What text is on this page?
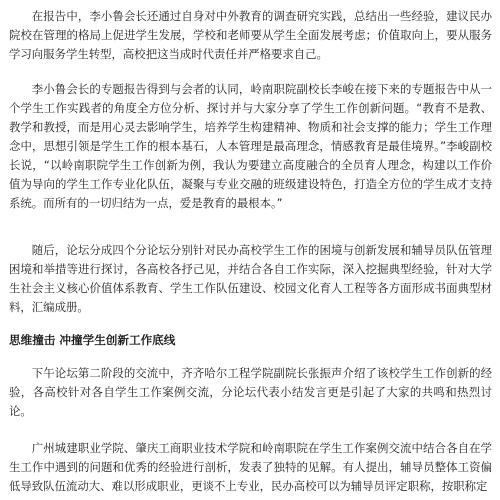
在报告中，李小鲁会长还通过自身对中外教育的调查研究实践，总结出一些经验，建议民办院校在管理的格局上促进学生发展，学校和老师要从学生全面发展考虑；价值取向上，要从服务学习向服务学生转型，高校把这当成时代责任并严格要求自己。

李小鲁会长的专题报告得到与会者的认同，岭南职院副校长李峻在接下来的专题报告中从一个学生工作实践者的角度全方位分析、探讨并与大家分享了学生工作创新问题。“教育不是教、教学和教授，而是用心灵去影响学生，培养学生构建精神、物质和社会支撑的能力；学生工作理念中，思想引领是学生工作的根本基石，人本管理是最高理念，情感教育是最佳境界。”李峻副校长说，“以岭南职院学生工作创新为例，我认为要建立高度融合的全员育人理念，构建以工作价值为导向的学生工作专业化队伍，凝聚与专业交融的班级建设特色，打造全方位的学生成才支持系统。而所有的一切归结为一点，爱是教育的最根本。”

随后，论坛分成四个分论坛分别针对民办高校学生工作的困境与创新发展和辅导员队伍管理困境和举措等进行探讨，各高校各抒己见，并结合各自工作实际，深入挖掘典型经验，针对大学生社会主义核心价值体系教育、学生工作队伍建设、校园文化育人工程等各方面形成书面典型材料，汇编成册。

思维撞击 冲撞学生创新工作底线

下午论坛第二阶段的交流中，齐齐哈尔工程学院副院长张振声介绍了该校学生工作创新的经验，各高校针对各自学生工作案例交流，分论坛代表小结发言更是引起了大家的共鸣和热烈讨论。

广州城建职业学院、肇庆工商职业技术学院和岭南职院在学生工作案例交流中结合各自在学生工作中遇到的问题和优秀的经验进行剖析，发表了独特的见解。有人提出，辅导员整体工资偏低导致队伍流动大、难以形成职业，更谈不上专业，民办高校可以为辅导员评定职称，按职称定
